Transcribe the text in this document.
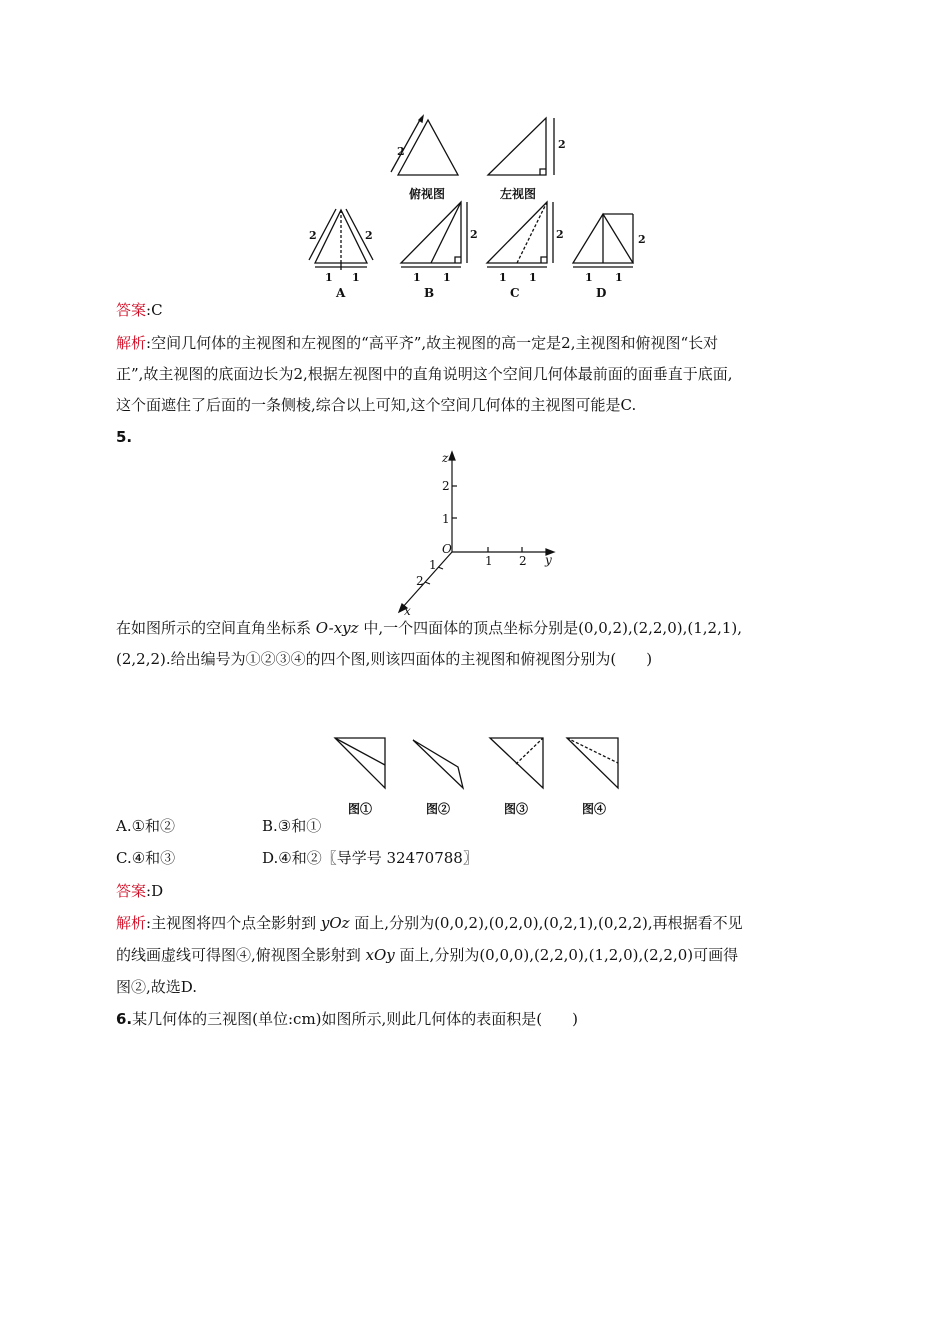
2
2
2	2	2	2	2
1 1	1 1	1 1	1 1
俯视图	左视图
A	B	C	D
答案:C
解析:空间几何体的主视图和左视图的“高平齐”,故主视图的高一定是2,主视图和俯视图“长对
正”,故主视图的底面边长为2,根据左视图中的直角说明这个空间几何体最前面的面垂直于底面,
这个面遮住了后面的一条侧棱,综合以上可知,这个空间几何体的主视图可能是C.
5.
z
y
x
O
2
1
1 2
1
2
在如图所示的空间直角坐标系 O-xyz 中,一个四面体的顶点坐标分别是(0,0,2),(2,2,0),(1,2,1),
(2,2,2).给出编号为①②③④的四个图,则该四面体的主视图和俯视图分别为(　　)
图①	图②	图③	图④
A.①和②	B.③和①
C.④和③	D.④和②〖导学号 32470788〗
答案:D
解析:主视图将四个点全影射到 yOz 面上,分别为(0,0,2),(0,2,0),(0,2,1),(0,2,2),再根据看不见
的线画虚线可得图④,俯视图全影射到 xOy 面上,分别为(0,0,0),(2,2,0),(1,2,0),(2,2,0)可画得
图②,故选D.
6.某几何体的三视图(单位:cm)如图所示,则此几何体的表面积是(　　)
